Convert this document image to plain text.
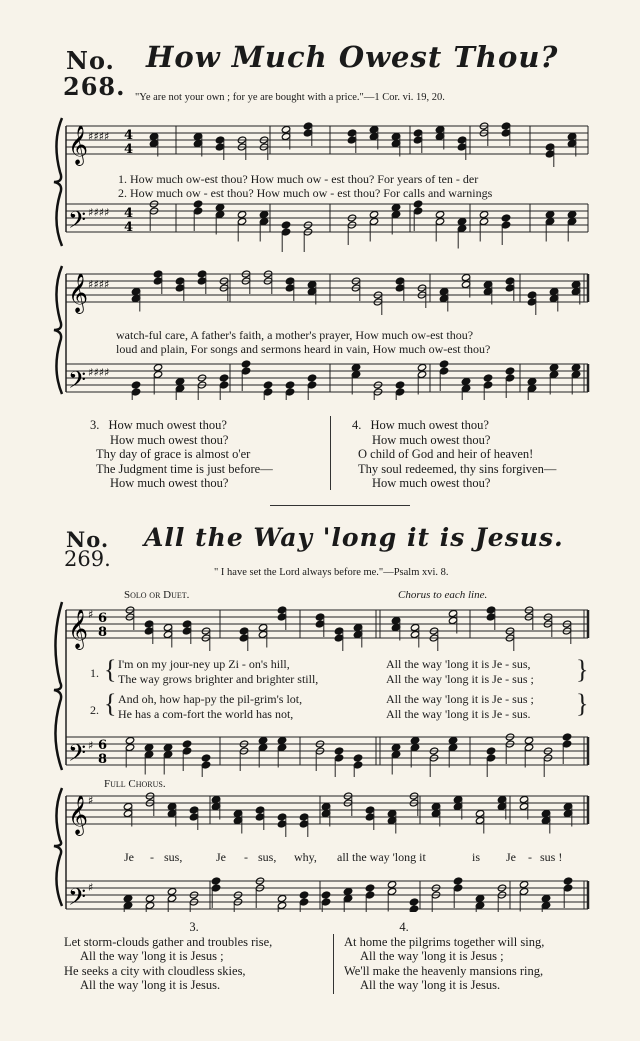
No.
268.
How Much Owest Thou?
"Ye are not your own ; for ye are bought with a price."—1 Cor. vi. 19, 20.
𝄞
𝄢
♯♯♯♯
♯♯♯♯
4
4
4
4
1. How much ow-est thou? How much ow - est thou? For years of ten - der
2. How much ow - est thou? How much ow - est thou? For calls and warnings
𝄞
𝄢
♯♯♯♯
♯♯♯♯
watch-ful care, A father's faith, a mother's prayer, How much ow-est thou?
loud and plain, For songs and sermons heard in vain, How much ow-est thou?
3. How much owest thou?
How much owest thou?
Thy day of grace is almost o'er
The Judgment time is just before—
How much owest thou?
4. How much owest thou?
How much owest thou?
O child of God and heir of heaven!
Thy soul redeemed, thy sins forgiven—
How much owest thou?
No.
269.
All the Way 'long it is Jesus.
" I have set the Lord always before me."—Psalm xvi. 8.
Solo or Duet.	Chorus to each line.
𝄞
𝄢
♯
♯
6
8
6
8
1.
2.
{
{
}
}
I'm on my jour-ney up Zi - on's hill,	All the way 'long it is Je - sus,
The way grows brighter and brighter still,	All the way 'long it is Je - sus ;
And oh, how hap-py the pil-grim's lot,	All the way 'long it is Je - sus ;
He has a com-fort the world has not,	All the way 'long it is Je - sus.
Full Chorus.
𝄞
𝄢
♯
♯
Je - sus,	Je - sus, why, all the way 'long it	is Je - sus !
3.
Let storm-clouds gather and troubles rise,
All the way 'long it is Jesus ;
He seeks a city with cloudless skies,
All the way 'long it is Jesus.
4.
At home the pilgrims together will sing,
All the way 'long it is Jesus ;
We'll make the heavenly mansions ring,
All the way 'long it is Jesus.
